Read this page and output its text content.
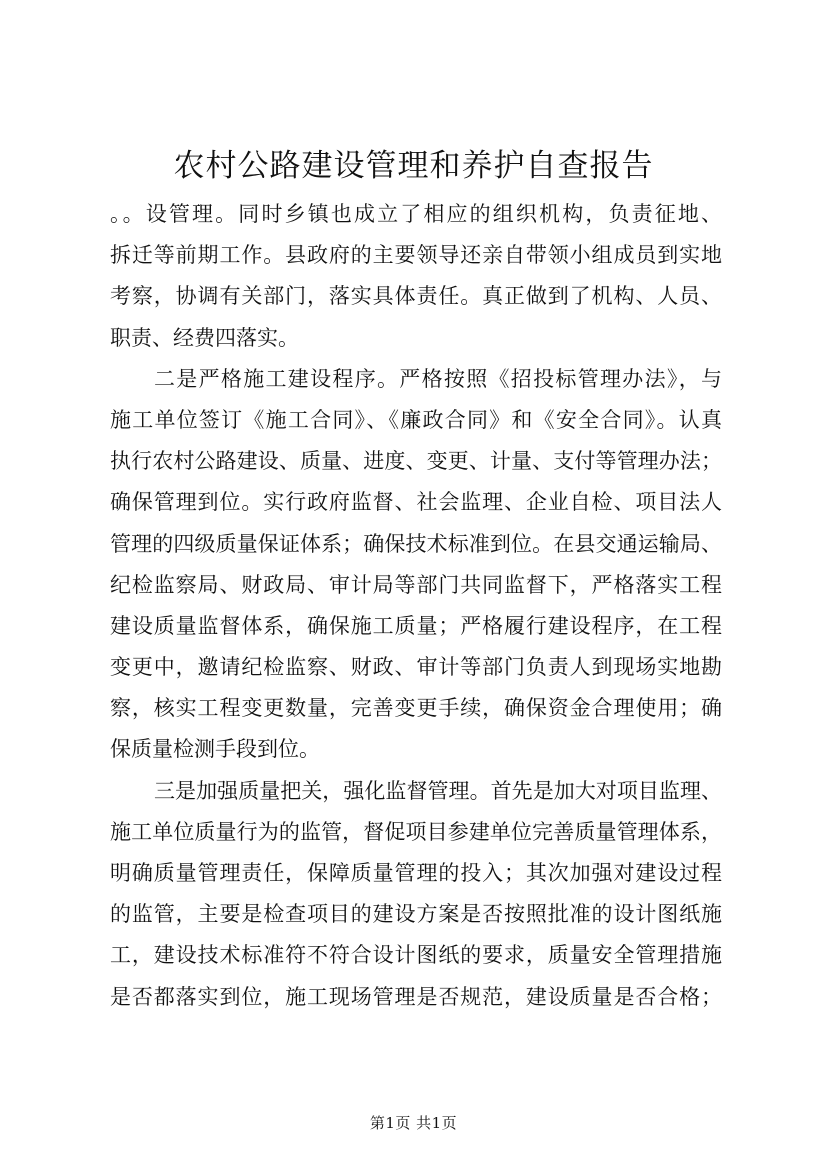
农村公路建设管理和养护自查报告
。。设管理。同时乡镇也成立了相应的组织机构，负责征地、
拆迁等前期工作。县政府的主要领导还亲自带领小组成员到实地
考察，协调有关部门，落实具体责任。真正做到了机构、人员、
职责、经费四落实。
二是严格施工建设程序。严格按照《招投标管理办法》，与
施工单位签订《施工合同》、《廉政合同》和《安全合同》。认真
执行农村公路建设、质量、进度、变更、计量、支付等管理办法；
确保管理到位。实行政府监督、社会监理、企业自检、项目法人
管理的四级质量保证体系；确保技术标准到位。在县交通运输局、
纪检监察局、财政局、审计局等部门共同监督下，严格落实工程
建设质量监督体系，确保施工质量；严格履行建设程序，在工程
变更中，邀请纪检监察、财政、审计等部门负责人到现场实地勘
察，核实工程变更数量，完善变更手续，确保资金合理使用；确
保质量检测手段到位。
三是加强质量把关，强化监督管理。首先是加大对项目监理、
施工单位质量行为的监管，督促项目参建单位完善质量管理体系，
明确质量管理责任，保障质量管理的投入；其次加强对建设过程
的监管，主要是检查项目的建设方案是否按照批准的设计图纸施
工，建设技术标准符不符合设计图纸的要求，质量安全管理措施
是否都落实到位，施工现场管理是否规范，建设质量是否合格；
第1页 共1页
